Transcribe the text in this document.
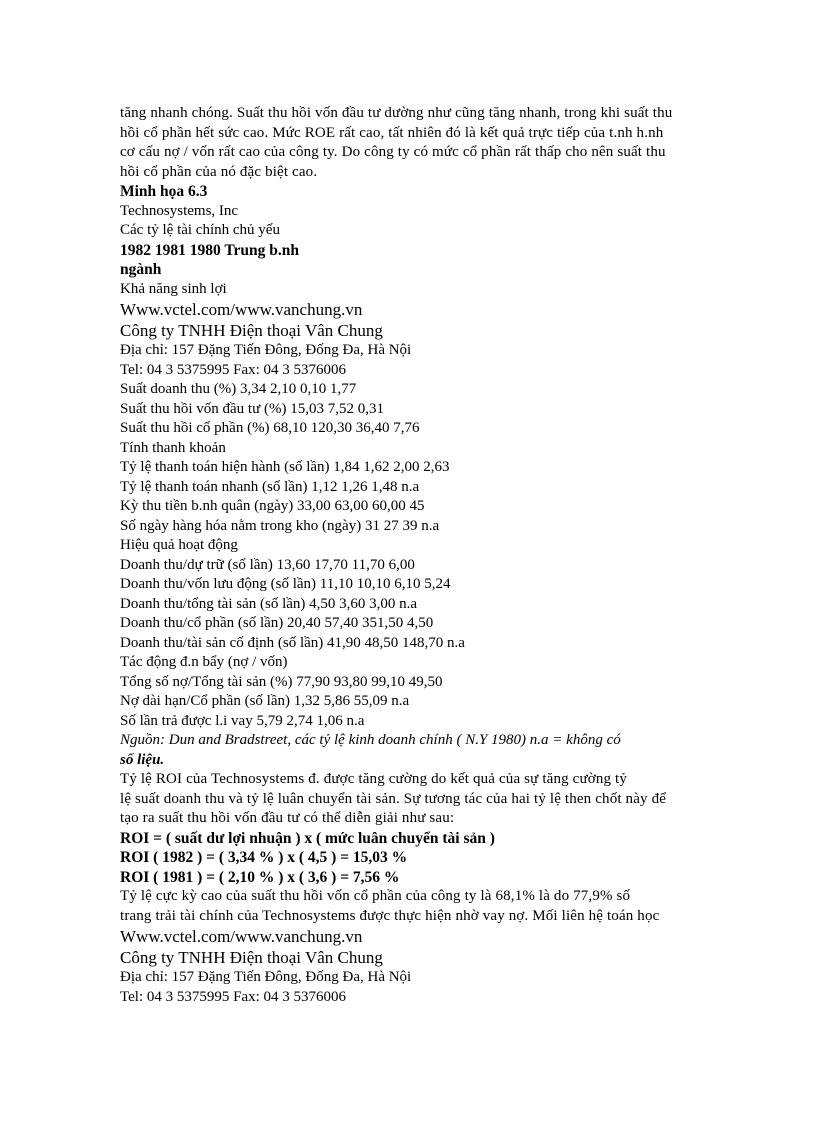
tăng nhanh chóng. Suất thu hồi vốn đầu tư dường như cũng tăng nhanh, trong khi suất thu
hồi cổ phần hết sức cao. Mức ROE rất cao, tất nhiên đó là kết quả trực tiếp của t.nh h.nh
cơ cấu nợ / vốn rất cao của công ty. Do công ty có mức cổ phần rất thấp cho nên suất thu
hồi cổ phần của nó đặc biệt cao.
Minh họa 6.3
Technosystems, Inc
Các tỷ lệ tài chính chủ yếu
1982 1981 1980 Trung b.nh
ngành
Khả năng sinh lợi
Www.vctel.com/www.vanchung.vn
Công ty TNHH Điện thoại Vân Chung
Địa chỉ: 157 Đặng Tiến Đông, Đống Đa, Hà Nội
Tel: 04 3 5375995 Fax: 04 3 5376006
Suất doanh thu (%) 3,34 2,10 0,10 1,77
Suất thu hồi vốn đầu tư (%) 15,03 7,52 0,31
Suất thu hồi cổ phần (%) 68,10 120,30 36,40 7,76
Tính thanh khoản
Tỷ lệ thanh toán hiện hành (số lần) 1,84 1,62 2,00 2,63
Tỷ lệ thanh toán nhanh (số lần) 1,12 1,26 1,48 n.a
Kỳ thu tiền b.nh quân (ngày) 33,00 63,00 60,00 45
Số ngày hàng hóa nằm trong kho (ngày) 31 27 39 n.a
Hiệu quả hoạt động
Doanh thu/dự trữ (số lần) 13,60 17,70 11,70 6,00
Doanh thu/vốn lưu động (số lần) 11,10 10,10 6,10 5,24
Doanh thu/tổng tài sản (số lần) 4,50 3,60 3,00 n.a
Doanh thu/cổ phần (số lần) 20,40 57,40 351,50 4,50
Doanh thu/tài sản cố định (số lần) 41,90 48,50 148,70 n.a
Tác động đ.n bẩy (nợ / vốn)
Tổng số nợ/Tổng tài sản (%) 77,90 93,80 99,10 49,50
Nợ dài hạn/Cổ phần (số lần) 1,32 5,86 55,09 n.a
Số lần trả được l.i vay 5,79 2,74 1,06 n.a
Nguồn: Dun and Bradstreet, các tỷ lệ kinh doanh chính ( N.Y 1980) n.a = không có
số liệu.
Tỷ lệ ROI của Technosystems đ. được tăng cường do kết quả của sự tăng cường tỷ
lệ suất doanh thu và tỷ lệ luân chuyển tài sản. Sự tương tác của hai tỷ lệ then chốt này để
tạo ra suất thu hồi vốn đầu tư có thể diễn giải như sau:
ROI = ( suất dư lợi nhuận ) x ( mức luân chuyển tài sản )
ROI ( 1982 ) = ( 3,34 % ) x ( 4,5 ) = 15,03 %
ROI ( 1981 ) = ( 2,10 % ) x ( 3,6 ) = 7,56 %
Tỷ lệ cực kỳ cao của suất thu hồi vốn cổ phần của công ty là 68,1% là do 77,9% số
trang trải tài chính của Technosystems được thực hiện nhờ vay nợ. Mối liên hệ toán học
Www.vctel.com/www.vanchung.vn
Công ty TNHH Điện thoại Vân Chung
Địa chỉ: 157 Đặng Tiến Đông, Đống Đa, Hà Nội
Tel: 04 3 5375995 Fax: 04 3 5376006
